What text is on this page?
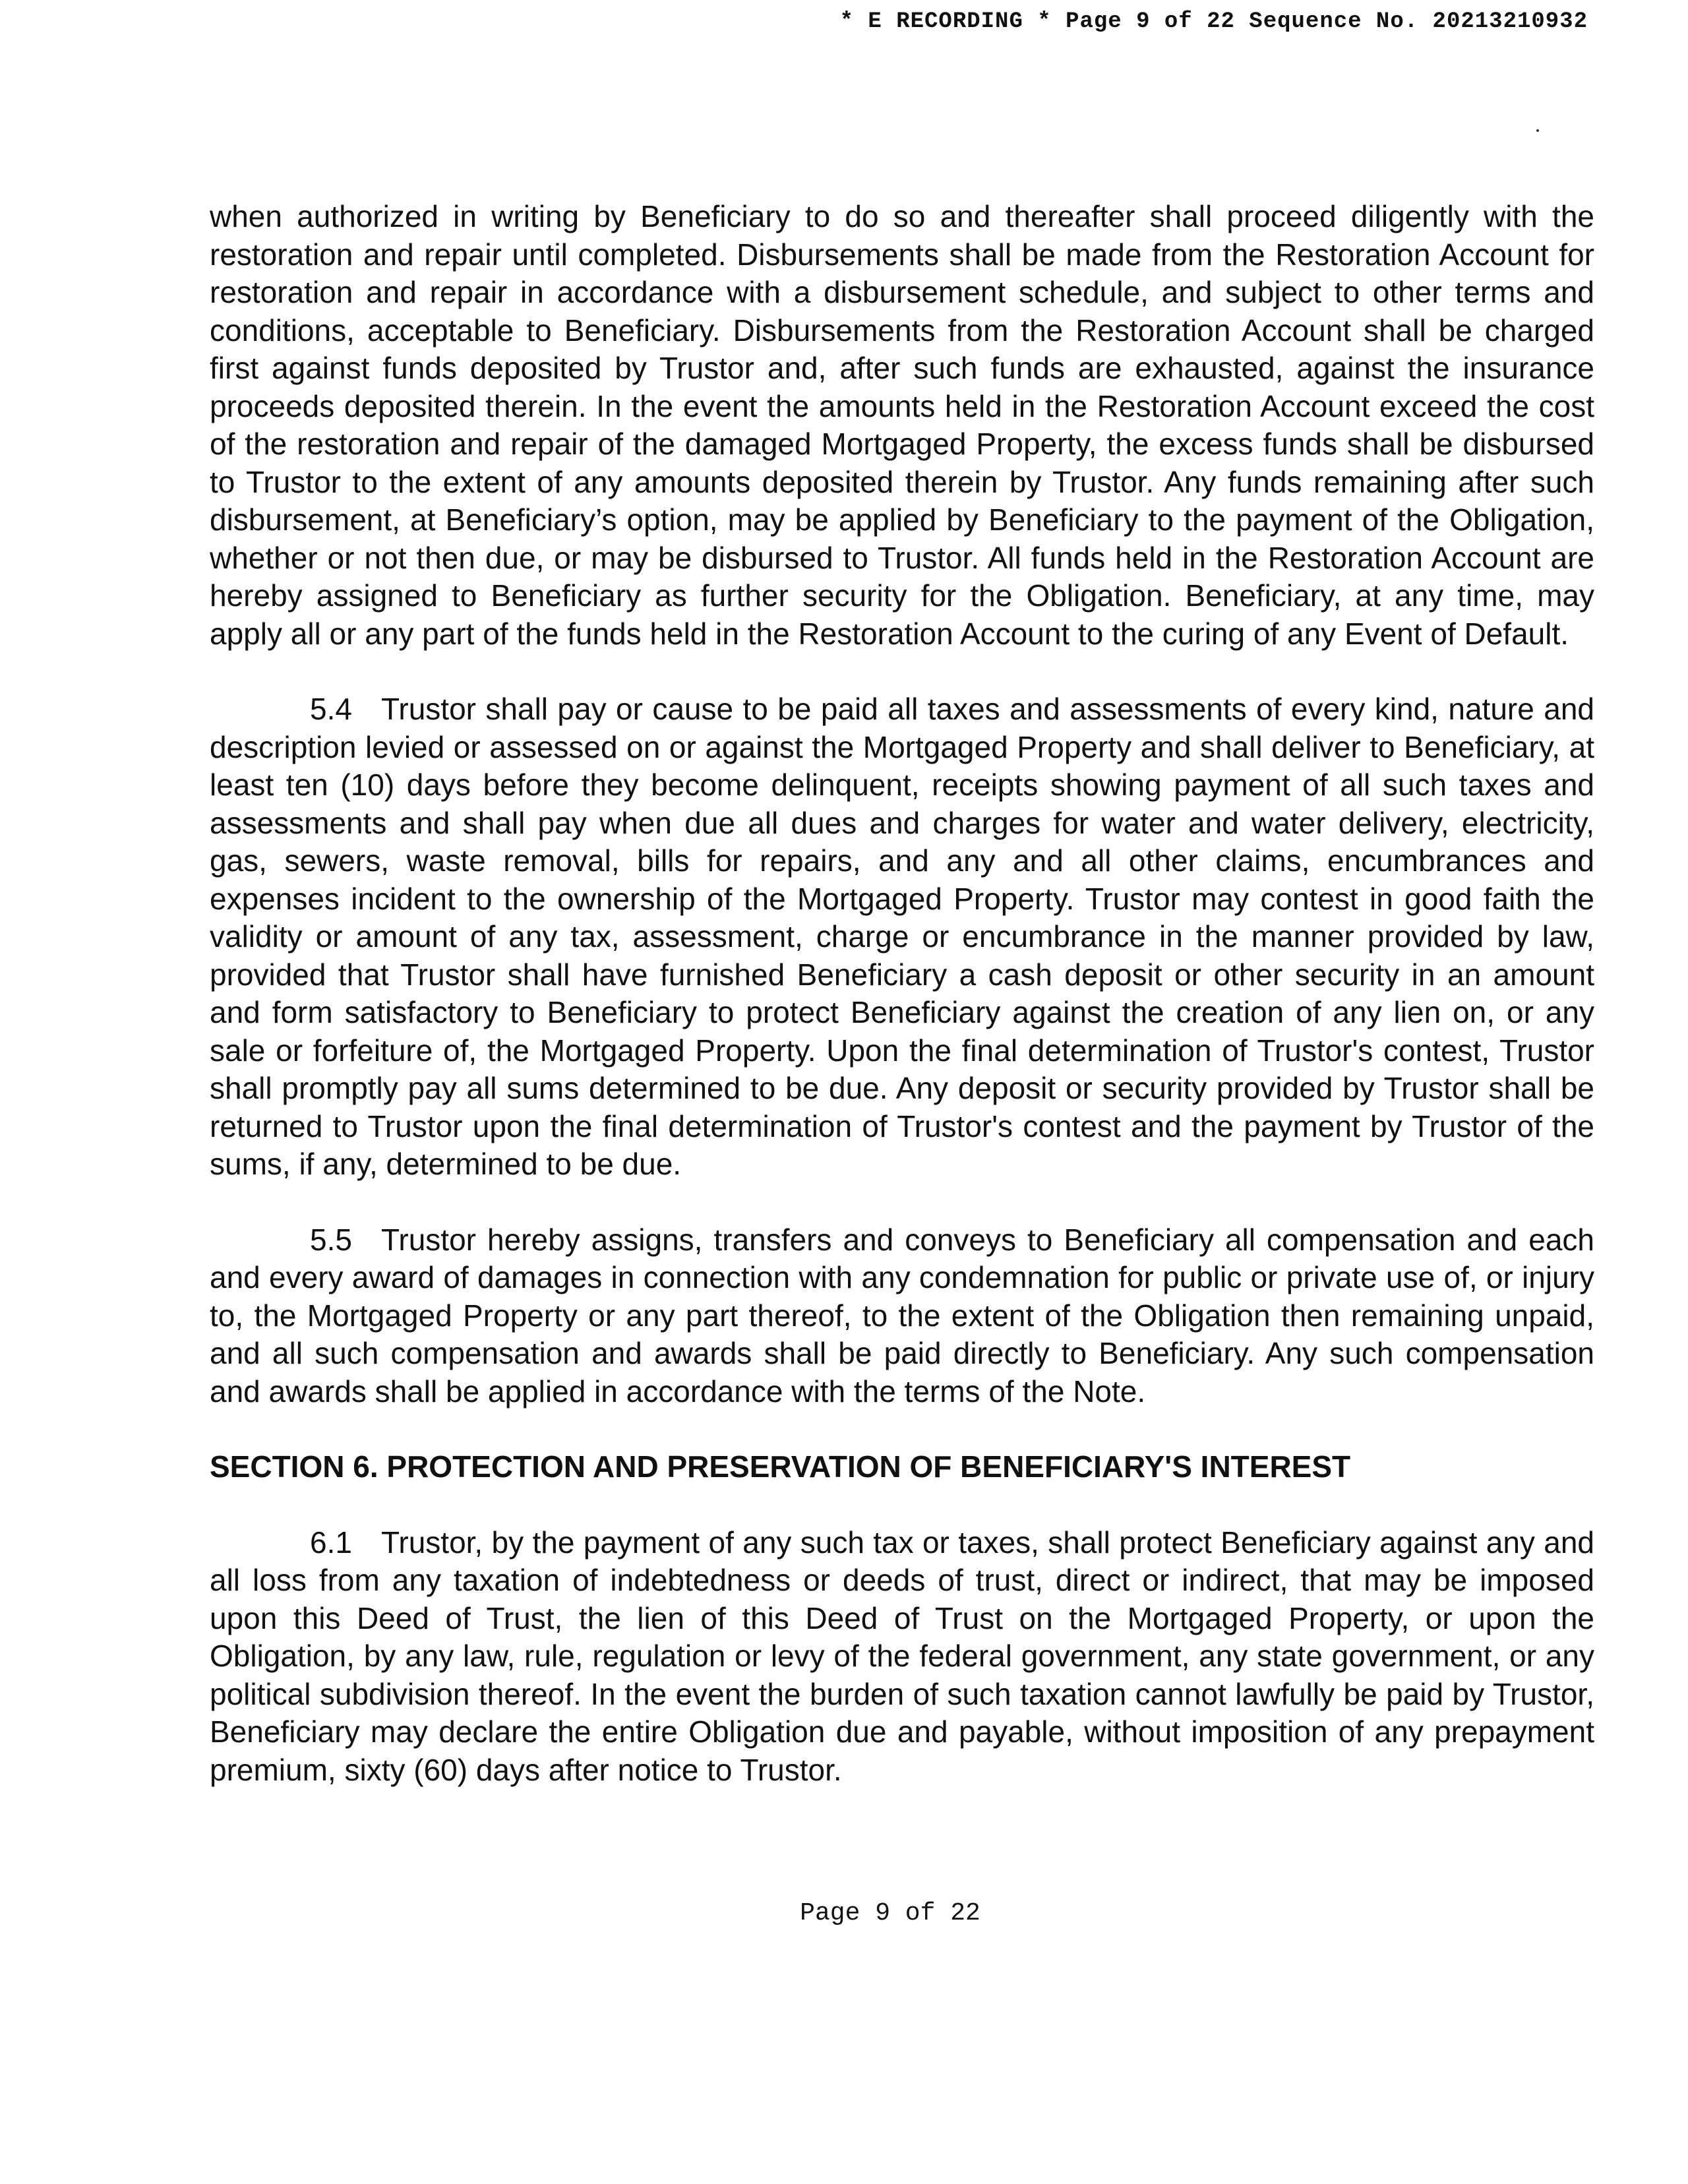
* E RECORDING * Page 9 of 22 Sequence No. 20213210932

when authorized in writing by Beneficiary to do so and thereafter shall proceed diligently with the restoration and repair until completed. Disbursements shall be made from the Restoration Account for restoration and repair in accordance with a disbursement schedule, and subject to other terms and conditions, acceptable to Beneficiary. Disbursements from the Restoration Account shall be charged first against funds deposited by Trustor and, after such funds are exhausted, against the insurance proceeds deposited therein. In the event the amounts held in the Restoration Account exceed the cost of the restoration and repair of the damaged Mortgaged Property, the excess funds shall be disbursed to Trustor to the extent of any amounts deposited therein by Trustor. Any funds remaining after such disbursement, at Beneficiary’s option, may be applied by Beneficiary to the payment of the Obligation, whether or not then due, or may be disbursed to Trustor. All funds held in the Restoration Account are hereby assigned to Beneficiary as further security for the Obligation. Beneficiary, at any time, may apply all or any part of the funds held in the Restoration Account to the curing of any Event of Default.

5.4 Trustor shall pay or cause to be paid all taxes and assessments of every kind, nature and description levied or assessed on or against the Mortgaged Property and shall deliver to Beneficiary, at least ten (10) days before they become delinquent, receipts showing payment of all such taxes and assessments and shall pay when due all dues and charges for water and water delivery, electricity, gas, sewers, waste removal, bills for repairs, and any and all other claims, encumbrances and expenses incident to the ownership of the Mortgaged Property. Trustor may contest in good faith the validity or amount of any tax, assessment, charge or encumbrance in the manner provided by law, provided that Trustor shall have furnished Beneficiary a cash deposit or other security in an amount and form satisfactory to Beneficiary to protect Beneficiary against the creation of any lien on, or any sale or forfeiture of, the Mortgaged Property. Upon the final determination of Trustor's contest, Trustor shall promptly pay all sums determined to be due. Any deposit or security provided by Trustor shall be returned to Trustor upon the final determination of Trustor's contest and the payment by Trustor of the sums, if any, determined to be due.

5.5 Trustor hereby assigns, transfers and conveys to Beneficiary all compensation and each and every award of damages in connection with any condemnation for public or private use of, or injury to, the Mortgaged Property or any part thereof, to the extent of the Obligation then remaining unpaid, and all such compensation and awards shall be paid directly to Beneficiary. Any such compensation and awards shall be applied in accordance with the terms of the Note.

SECTION 6. PROTECTION AND PRESERVATION OF BENEFICIARY'S INTEREST

6.1 Trustor, by the payment of any such tax or taxes, shall protect Beneficiary against any and all loss from any taxation of indebtedness or deeds of trust, direct or indirect, that may be imposed upon this Deed of Trust, the lien of this Deed of Trust on the Mortgaged Property, or upon the Obligation, by any law, rule, regulation or levy of the federal government, any state government, or any political subdivision thereof. In the event the burden of such taxation cannot lawfully be paid by Trustor, Beneficiary may declare the entire Obligation due and payable, without imposition of any prepayment premium, sixty (60) days after notice to Trustor.

Page 9 of 22
